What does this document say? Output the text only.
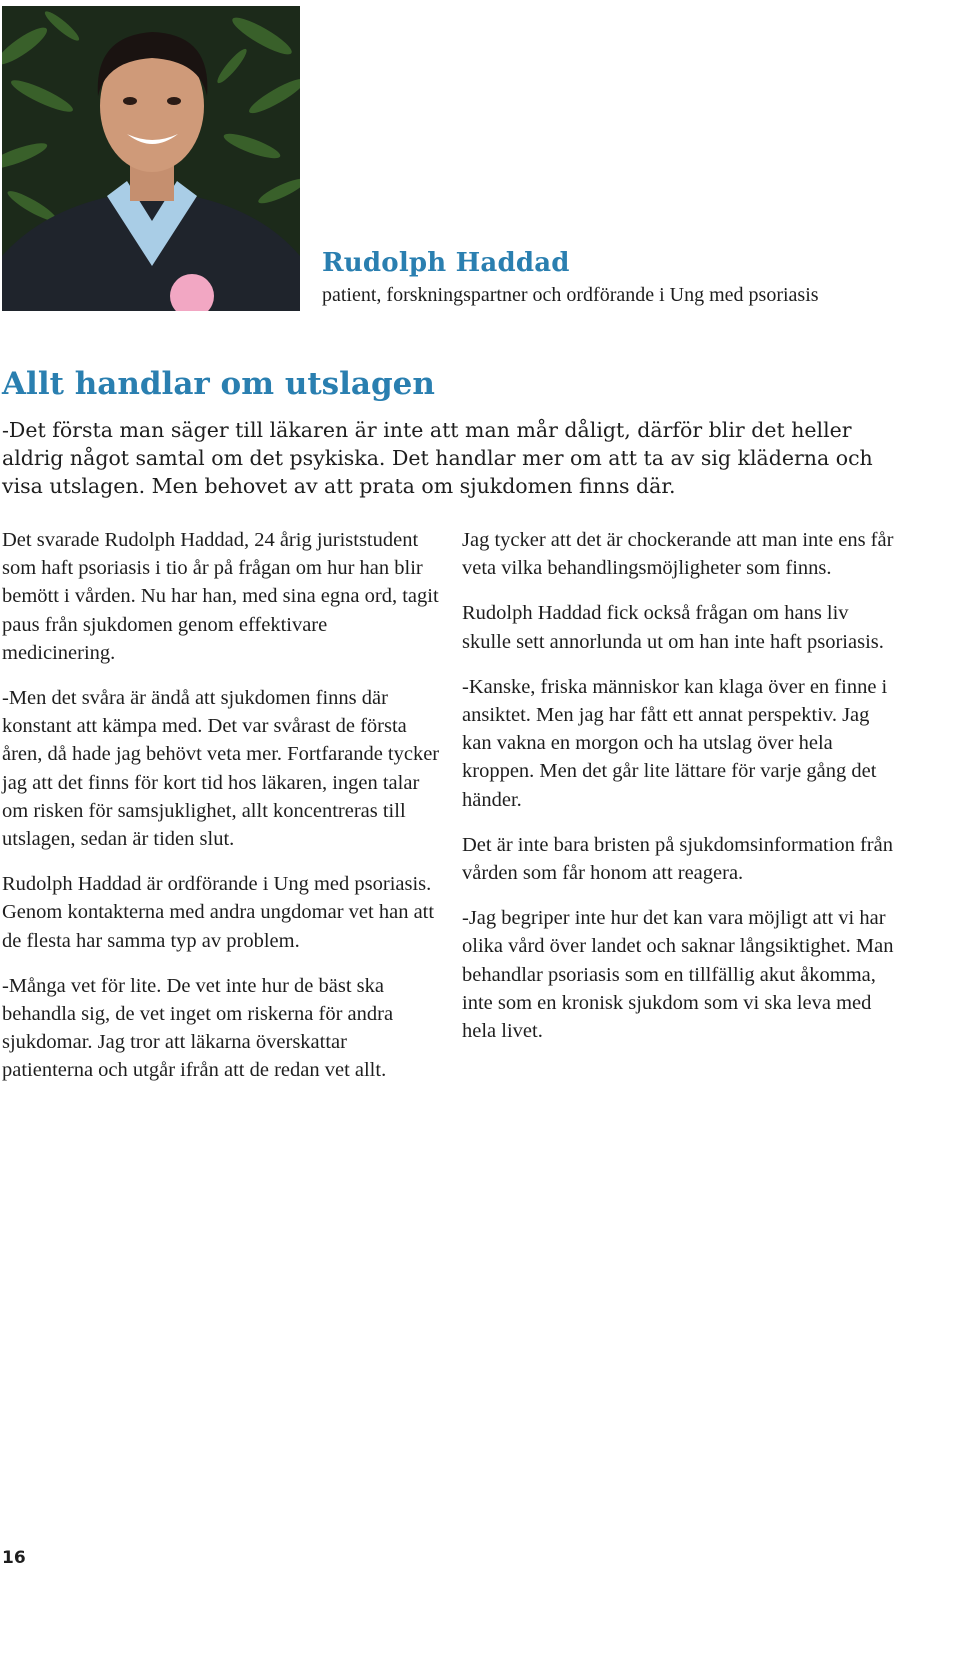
Rudolph Haddad
patient, forskningspartner och ordförande i Ung med psoriasis
Allt handlar om utslagen
-Det första man säger till läkaren är inte att man mår dåligt, därför blir det heller aldrig något samtal om det psykiska. Det handlar mer om att ta av sig kläderna och visa utslagen. Men behovet av att prata om sjukdomen finns där.

Det svarade Rudolph Haddad, 24 årig juriststudent som haft psoriasis i tio år på frågan om hur han blir bemött i vården. Nu har han, med sina egna ord, tagit paus från sjukdomen genom effektivare medicinering.

-Men det svåra är ändå att sjukdomen finns där konstant att kämpa med. Det var svårast de första åren, då hade jag behövt veta mer. Fortfarande tycker jag att det finns för kort tid hos läkaren, ingen talar om risken för samsjuklighet, allt koncentreras till utslagen, sedan är tiden slut.

Rudolph Haddad är ordförande i Ung med psoriasis. Genom kontakterna med andra ungdomar vet han att de flesta har samma typ av problem.

-Många vet för lite. De vet inte hur de bäst ska behandla sig, de vet inget om riskerna för andra sjukdomar. Jag tror att läkarna överskattar patienterna och utgår ifrån att de redan vet allt.

Jag tycker att det är chockerande att man inte ens får veta vilka behandlingsmöjligheter som finns.

Rudolph Haddad fick också frågan om hans liv skulle sett annorlunda ut om han inte haft psoriasis.

-Kanske, friska människor kan klaga över en finne i ansiktet. Men jag har fått ett annat perspektiv. Jag kan vakna en morgon och ha utslag över hela kroppen. Men det går lite lättare för varje gång det händer.

Det är inte bara bristen på sjukdomsinformation från vården som får honom att reagera.

-Jag begriper inte hur det kan vara möjligt att vi har olika vård över landet och saknar långsiktighet. Man behandlar psoriasis som en tillfällig akut åkomma, inte som en kronisk sjukdom som vi ska leva med hela livet.

16
